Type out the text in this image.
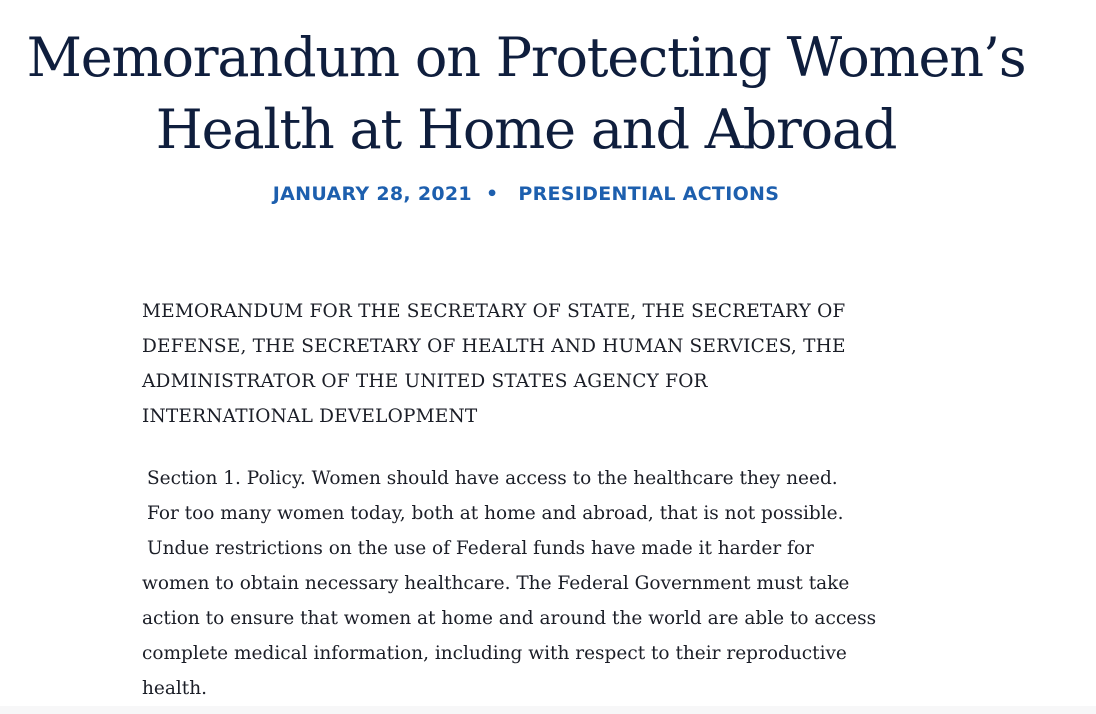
Memorandum on Protecting Women’s
Health at Home and Abroad
JANUARY 28, 2021 • PRESIDENTIAL ACTIONS

MEMORANDUM FOR THE SECRETARY OF STATE, THE SECRETARY OF
DEFENSE, THE SECRETARY OF HEALTH AND HUMAN SERVICES, THE
ADMINISTRATOR OF THE UNITED STATES AGENCY FOR
INTERNATIONAL DEVELOPMENT

Section 1. Policy. Women should have access to the healthcare they need.
For too many women today, both at home and abroad, that is not possible.
Undue restrictions on the use of Federal funds have made it harder for
women to obtain necessary healthcare. The Federal Government must take
action to ensure that women at home and around the world are able to access
complete medical information, including with respect to their reproductive
health.
